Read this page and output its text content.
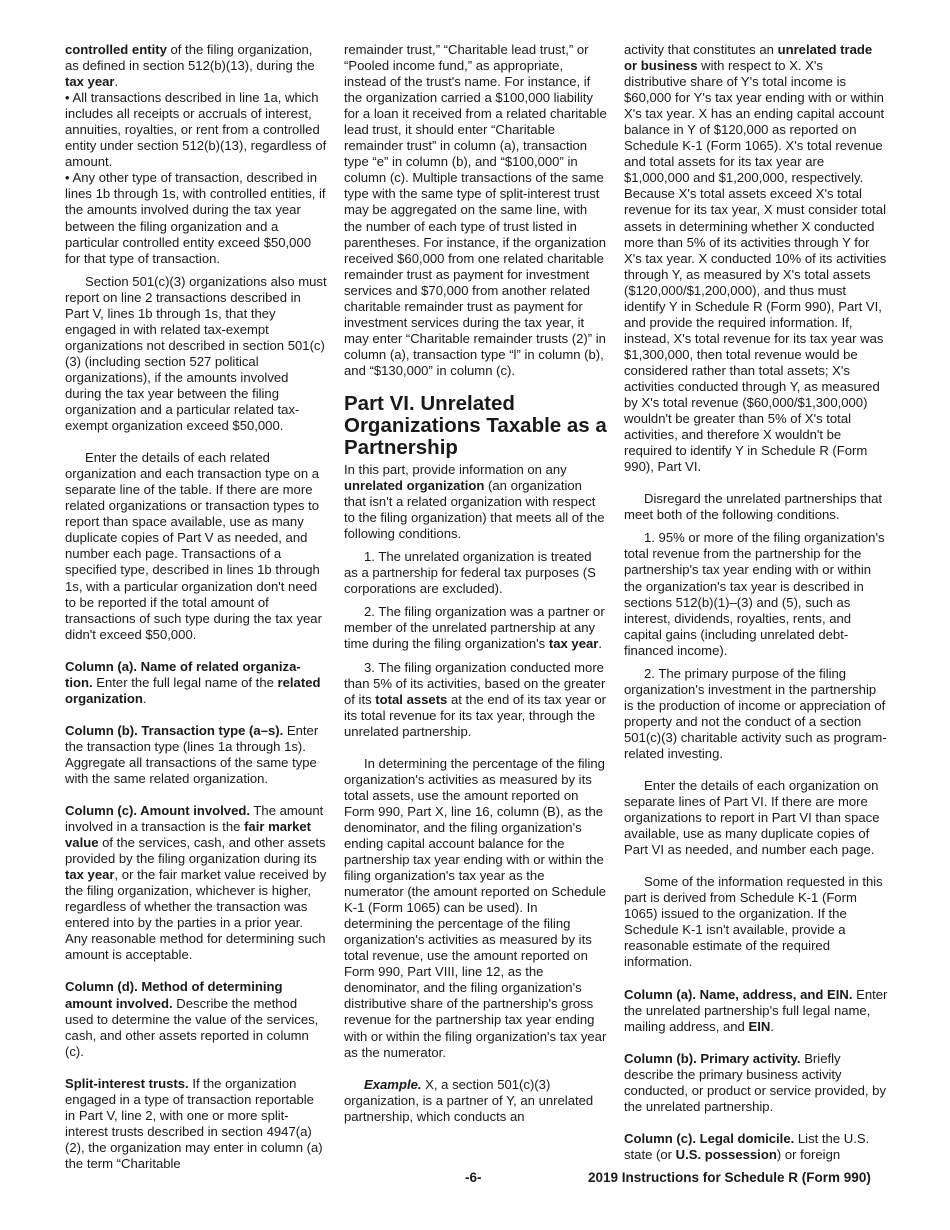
controlled entity of the filing organization, as defined in section 512(b)(13), during the tax year.
• All transactions described in line 1a, which includes all receipts or accruals of interest, annuities, royalties, or rent from a controlled entity under section 512(b)(13), regardless of amount.
• Any other type of transaction, described in lines 1b through 1s, with controlled entities, if the amounts involved during the tax year between the filing organization and a particular controlled entity exceed $50,000 for that type of transaction.

Section 501(c)(3) organizations also must report on line 2 transactions described in Part V, lines 1b through 1s, that they engaged in with related tax-exempt organizations not described in section 501(c)(3) (including section 527 political organizations), if the amounts involved during the tax year between the filing organization and a particular related tax-exempt organization exceed $50,000.

Enter the details of each related organization and each transaction type on a separate line of the table. If there are more related organizations or transaction types to report than space available, use as many duplicate copies of Part V as needed, and number each page. Transactions of a specified type, described in lines 1b through 1s, with a particular organization don't need to be reported if the total amount of transactions of such type during the tax year didn't exceed $50,000.

Column (a). Name of related organiza-tion. Enter the full legal name of the related organization.

Column (b). Transaction type (a–s). Enter the transaction type (lines 1a through 1s). Aggregate all transactions of the same type with the same related organization.

Column (c). Amount involved. The amount involved in a transaction is the fair market value of the services, cash, and other assets provided by the filing organization during its tax year, or the fair market value received by the filing organization, whichever is higher, regardless of whether the transaction was entered into by the parties in a prior year. Any reasonable method for determining such amount is acceptable.

Column (d). Method of determining amount involved. Describe the method used to determine the value of the services, cash, and other assets reported in column (c).

Split-interest trusts. If the organization engaged in a type of transaction reportable in Part V, line 2, with one or more split-interest trusts described in section 4947(a)(2), the organization may enter in column (a) the term “Charitable

remainder trust,” “Charitable lead trust,” or “Pooled income fund,” as appropriate, instead of the trust's name. For instance, if the organization carried a $100,000 liability for a loan it received from a related charitable lead trust, it should enter “Charitable remainder trust” in column (a), transaction type “e” in column (b), and “$100,000” in column (c). Multiple transactions of the same type with the same type of split-interest trust may be aggregated on the same line, with the number of each type of trust listed in parentheses. For instance, if the organization received $60,000 from one related charitable remainder trust as payment for investment services and $70,000 from another related charitable remainder trust as payment for investment services during the tax year, it may enter “Charitable remainder trusts (2)” in column (a), transaction type “l” in column (b), and “$130,000” in column (c).

Part VI. Unrelated Organizations Taxable as a Partnership

In this part, provide information on any unrelated organization (an organization that isn't a related organization with respect to the filing organization) that meets all of the following conditions.

1. The unrelated organization is treated as a partnership for federal tax purposes (S corporations are excluded).

2. The filing organization was a partner or member of the unrelated partnership at any time during the filing organization's tax year.

3. The filing organization conducted more than 5% of its activities, based on the greater of its total assets at the end of its tax year or its total revenue for its tax year, through the unrelated partnership.

In determining the percentage of the filing organization's activities as measured by its total assets, use the amount reported on Form 990, Part X, line 16, column (B), as the denominator, and the filing organization's ending capital account balance for the partnership tax year ending with or within the filing organization's tax year as the numerator (the amount reported on Schedule K-1 (Form 1065) can be used). In determining the percentage of the filing organization's activities as measured by its total revenue, use the amount reported on Form 990, Part VIII, line 12, as the denominator, and the filing organization's distributive share of the partnership's gross revenue for the partnership tax year ending with or within the filing organization's tax year as the numerator.

Example. X, a section 501(c)(3) organization, is a partner of Y, an unrelated partnership, which conducts an

activity that constitutes an unrelated trade or business with respect to X. X's distributive share of Y's total income is $60,000 for Y's tax year ending with or within X's tax year. X has an ending capital account balance in Y of $120,000 as reported on Schedule K-1 (Form 1065). X's total revenue and total assets for its tax year are $1,000,000 and $1,200,000, respectively. Because X's total assets exceed X's total revenue for its tax year, X must consider total assets in determining whether X conducted more than 5% of its activities through Y for X's tax year. X conducted 10% of its activities through Y, as measured by X's total assets ($120,000/$1,200,000), and thus must identify Y in Schedule R (Form 990), Part VI, and provide the required information. If, instead, X's total revenue for its tax year was $1,300,000, then total revenue would be considered rather than total assets; X's activities conducted through Y, as measured by X's total revenue ($60,000/$1,300,000) wouldn't be greater than 5% of X's total activities, and therefore X wouldn't be required to identify Y in Schedule R (Form 990), Part VI.

Disregard the unrelated partnerships that meet both of the following conditions.

1. 95% or more of the filing organization's total revenue from the partnership for the partnership's tax year ending with or within the organization's tax year is described in sections 512(b)(1)–(3) and (5), such as interest, dividends, royalties, rents, and capital gains (including unrelated debt-financed income).

2. The primary purpose of the filing organization's investment in the partnership is the production of income or appreciation of property and not the conduct of a section 501(c)(3) charitable activity such as program-related investing.

Enter the details of each organization on separate lines of Part VI. If there are more organizations to report in Part VI than space available, use as many duplicate copies of Part VI as needed, and number each page.

Some of the information requested in this part is derived from Schedule K-1 (Form 1065) issued to the organization. If the Schedule K-1 isn't available, provide a reasonable estimate of the required information.

Column (a). Name, address, and EIN. Enter the unrelated partnership's full legal name, mailing address, and EIN.

Column (b). Primary activity. Briefly describe the primary business activity conducted, or product or service provided, by the unrelated partnership.

Column (c). Legal domicile. List the U.S. state (or U.S. possession) or foreign

-6-	2019 Instructions for Schedule R (Form 990)
